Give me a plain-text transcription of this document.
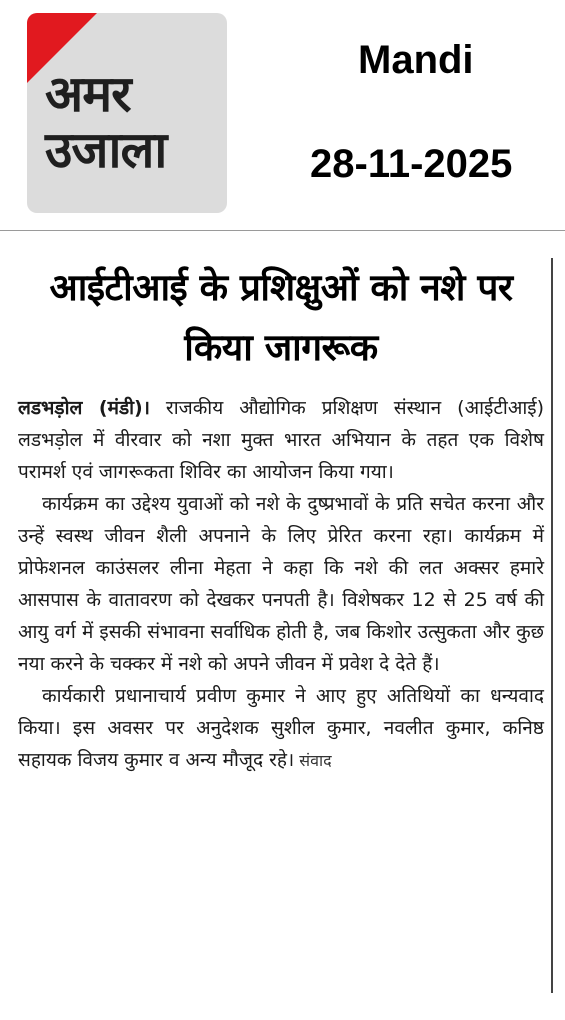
अमर
उजाला
Mandi
28-11-2025
आईटीआई के प्रशिक्षुओं को नशे पर किया जागरूक

लडभड़ोल (मंडी)। राजकीय औद्योगिक प्रशिक्षण संस्थान (आईटीआई) लडभड़ोल में वीरवार को नशा मुक्त भारत अभियान के तहत एक विशेष परामर्श एवं जागरूकता शिविर का आयोजन किया गया।

कार्यक्रम का उद्देश्य युवाओं को नशे के दुष्प्रभावों के प्रति सचेत करना और उन्हें स्वस्थ जीवन शैली अपनाने के लिए प्रेरित करना रहा। कार्यक्रम में प्रोफेशनल काउंसलर लीना मेहता ने कहा कि नशे की लत अक्सर हमारे आसपास के वातावरण को देखकर पनपती है। विशेषकर 12 से 25 वर्ष की आयु वर्ग में इसकी संभावना सर्वाधिक होती है, जब किशोर उत्सुकता और कुछ नया करने के चक्कर में नशे को अपने जीवन में प्रवेश दे देते हैं।

कार्यकारी प्रधानाचार्य प्रवीण कुमार ने आए हुए अतिथियों का धन्यवाद किया। इस अवसर पर अनुदेशक सुशील कुमार, नवलीत कुमार, कनिष्ठ सहायक विजय कुमार व अन्य मौजूद रहे। संवाद
